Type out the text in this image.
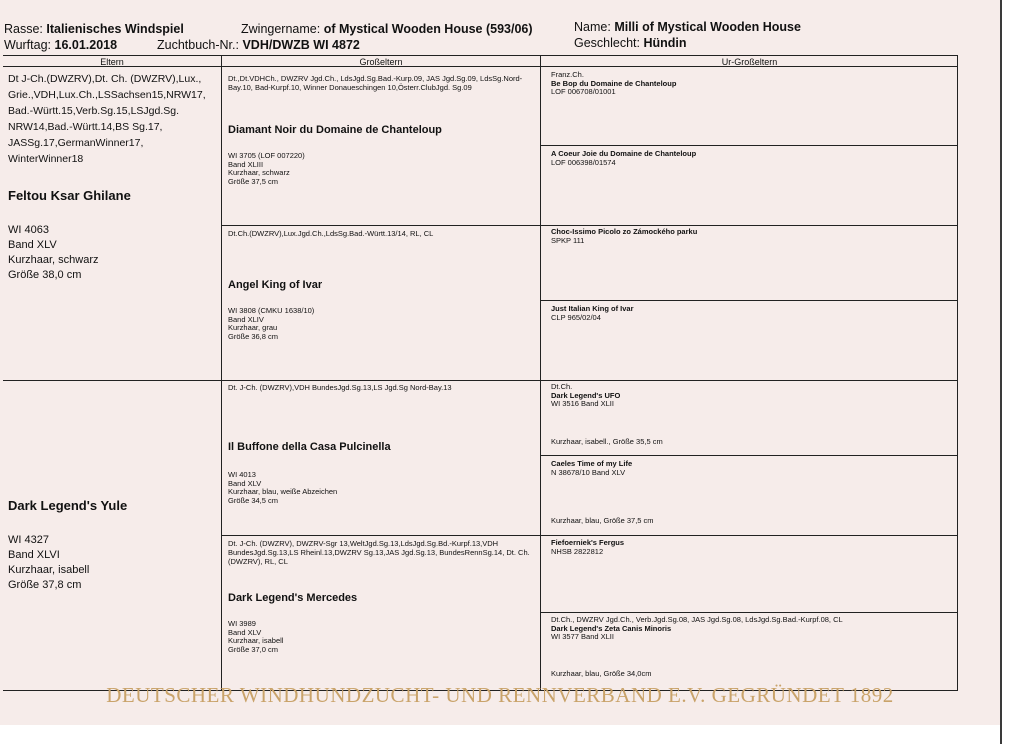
Rasse: Italienisches Windspiel
Wurftag: 16.01.2018
Zwingername: of Mystical Wooden House (593/06)
Zuchtbuch-Nr.: VDH/DWZB WI 4872
Name: Milli of Mystical Wooden House
Geschlecht: Hündin
Eltern	Großeltern	Ur-Großeltern
Dt J-Ch.(DWZRV),Dt. Ch. (DWZRV),Lux., Grie.,VDH,Lux.Ch.,LSSachsen15,NRW17, Bad.-Württ.15,Verb.Sg.15,LSJgd.Sg. NRW14,Bad.-Württ.14,BS Sg.17, JASSg.17,GermanWinner17, WinterWinner18
Feltou Ksar Ghilane
WI 4063
Band XLV
Kurzhaar, schwarz
Größe 38,0 cm
Dark Legend's Yule
WI 4327
Band XLVI
Kurzhaar, isabell
Größe 37,8 cm
Dt.,Dt.VDHCh., DWZRV Jgd.Ch., LdsJgd.Sg.Bad.-Kurp.09, JAS Jgd.Sg.09, LdsSg.Nord-Bay.10, Bad-Kurpf.10, Winner Donaueschingen 10,Österr.ClubJgd. Sg.09
Diamant Noir du Domaine de Chanteloup
WI 3705 (LOF 007220)
Band XLIII
Kurzhaar, schwarz
Größe 37,5 cm
Dt.Ch.(DWZRV),Lux.Jgd.Ch.,LdsSg.Bad.-Württ.13/14, RL, CL
Angel King of Ivar
WI 3808 (CMKU 1638/10)
Band XLIV
Kurzhaar, grau
Größe 36,8 cm
Dt. J-Ch. (DWZRV),VDH BundesJgd.Sg.13,LS Jgd.Sg Nord-Bay.13
Il Buffone della Casa Pulcinella
WI 4013
Band XLV
Kurzhaar, blau, weiße Abzeichen
Größe 34,5 cm
Dt. J-Ch. (DWZRV), DWZRV-Sgr 13,WeltJgd.Sg.13,LdsJgd.Sg.Bd.-Kurpf.13,VDH BundesJgd.Sg.13,LS Rheinl.13,DWZRV Sg.13,JAS Jgd.Sg.13, BundesRennSg.14, Dt. Ch. (DWZRV), RL, CL
Dark Legend's Mercedes
WI 3989
Band XLV
Kurzhaar, isabell
Größe 37,0 cm
Franz.Ch.
Be Bop du Domaine de Chanteloup
LOF 006708/01001
A Coeur Joie du Domaine de Chanteloup
LOF 006398/01574
Choc-Issimo Picolo zo Zámockého parku
SPKP 111
Just Italian King of Ivar
CLP 965/02/04
Dt.Ch.
Dark Legend's UFO
WI 3516 Band XLII
Kurzhaar, isabell., Größe 35,5 cm
Caeles Time of my Life
N 38678/10 Band XLV
Kurzhaar, blau, Größe 37,5 cm
Fiefoerniek's Fergus
NHSB 2822812
Dt.Ch., DWZRV Jgd.Ch., Verb.Jgd.Sg.08, JAS Jgd.Sg.08, LdsJgd.Sg.Bad.-Kurpf.08, CL
Dark Legend's Zeta Canis Minoris
WI 3577 Band XLII
Kurzhaar, blau, Größe 34,0cm
DEUTSCHER WINDHUNDZUCHT- UND RENNVERBAND E.V. GEGRÜNDET 1892
